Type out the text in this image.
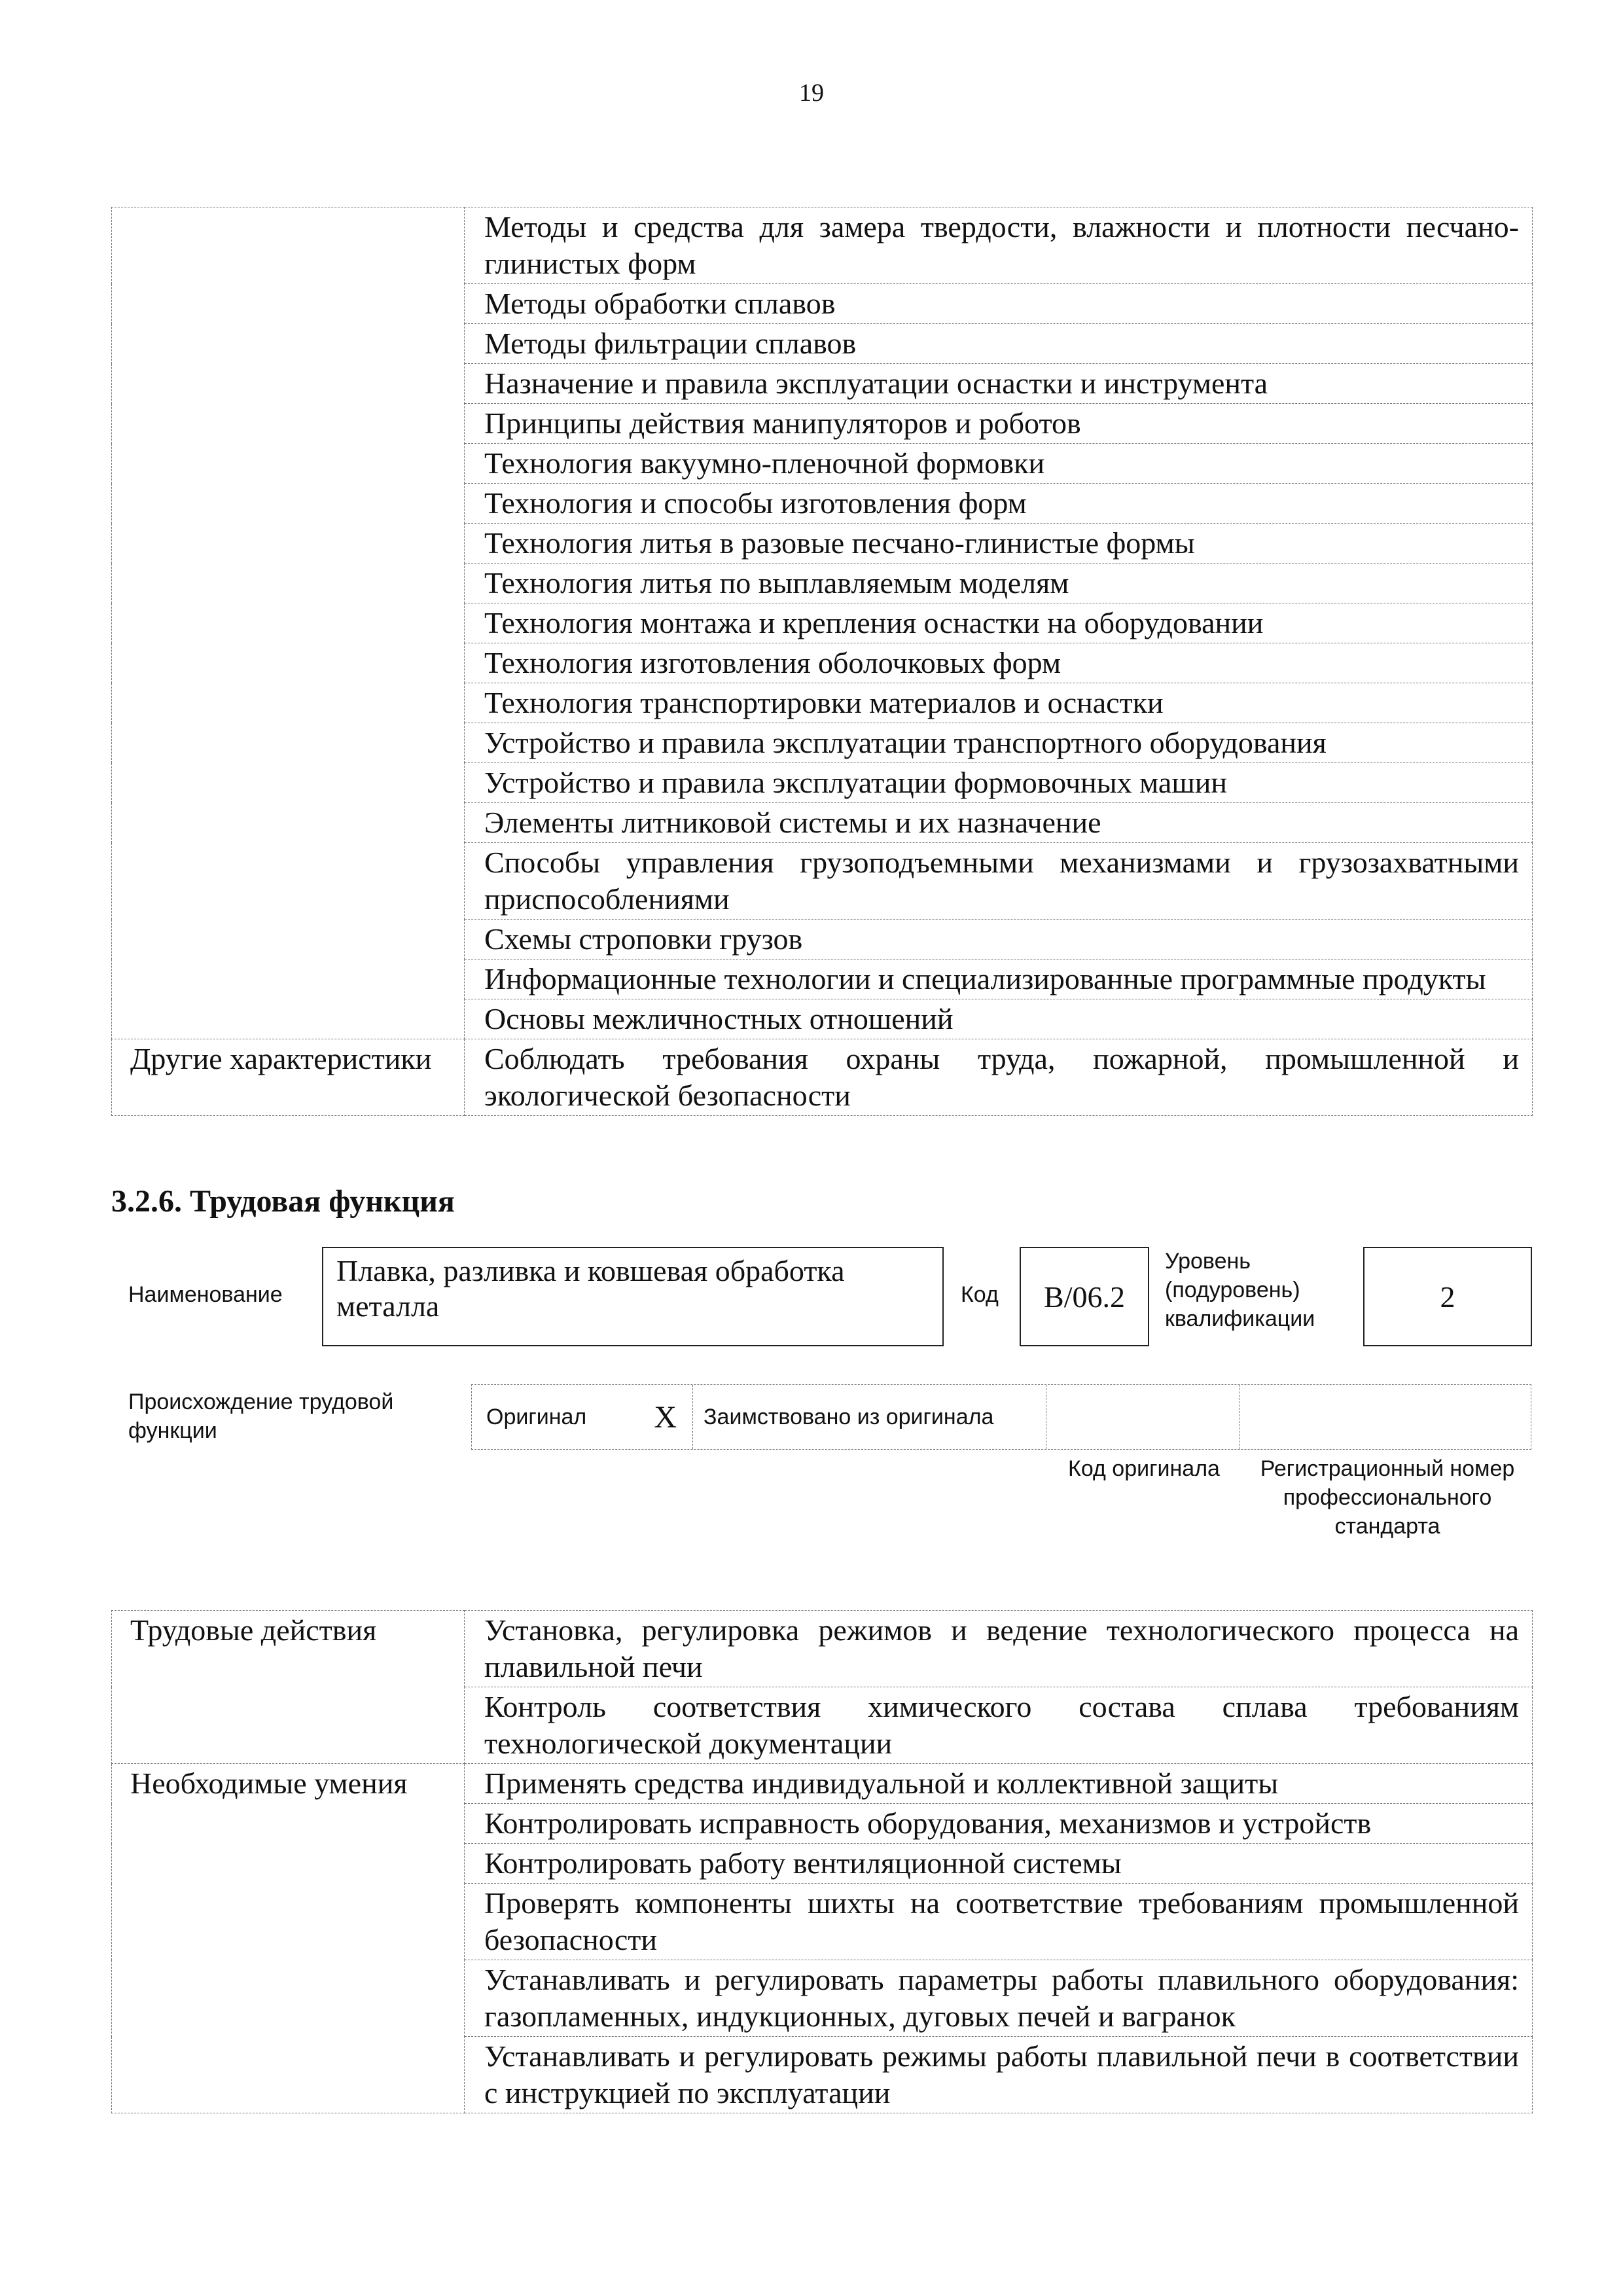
19
	Методы и средства для замера твердости, влажности и плотности песчано-глинистых форм
	Методы обработки сплавов
	Методы фильтрации сплавов
	Назначение и правила эксплуатации оснастки и инструмента
	Принципы действия манипуляторов и роботов
	Технология вакуумно-пленочной формовки
	Технология и способы изготовления форм
	Технология литья в разовые песчано-глинистые формы
	Технология литья по выплавляемым моделям
	Технология монтажа и крепления оснастки на оборудовании
	Технология изготовления оболочковых форм
	Технология транспортировки материалов и оснастки
	Устройство и правила эксплуатации транспортного оборудования
	Устройство и правила эксплуатации формовочных машин
	Элементы литниковой системы и их назначение
	Способы управления грузоподъемными механизмами и грузозахватными приспособлениями
	Схемы строповки грузов
	Информационные технологии и специализированные программные продукты
	Основы межличностных отношений
Другие характеристики	Соблюдать требования охраны труда, пожарной, промышленной и экологической безопасности
3.2.6. Трудовая функция
Наименование
Плавка, разливка и ковшевая обработка металла	Код	В/06.2
Уровень (подуровень) квалификации
2
Происхождение трудовой функции
Оригинал X	Заимствовано из оригинала
Код оригинала	Регистрационный номер профессионального стандарта
Трудовые действия	Установка, регулировка режимов и ведение технологического процесса на плавильной печи
	Контроль соответствия химического состава сплава требованиям технологической документации
Необходимые умения	Применять средства индивидуальной и коллективной защиты
	Контролировать исправность оборудования, механизмов и устройств
	Контролировать работу вентиляционной системы
	Проверять компоненты шихты на соответствие требованиям промышленной безопасности
	Устанавливать и регулировать параметры работы плавильного оборудования: газопламенных, индукционных, дуговых печей и вагранок
	Устанавливать и регулировать режимы работы плавильной печи в соответствии с инструкцией по эксплуатации
